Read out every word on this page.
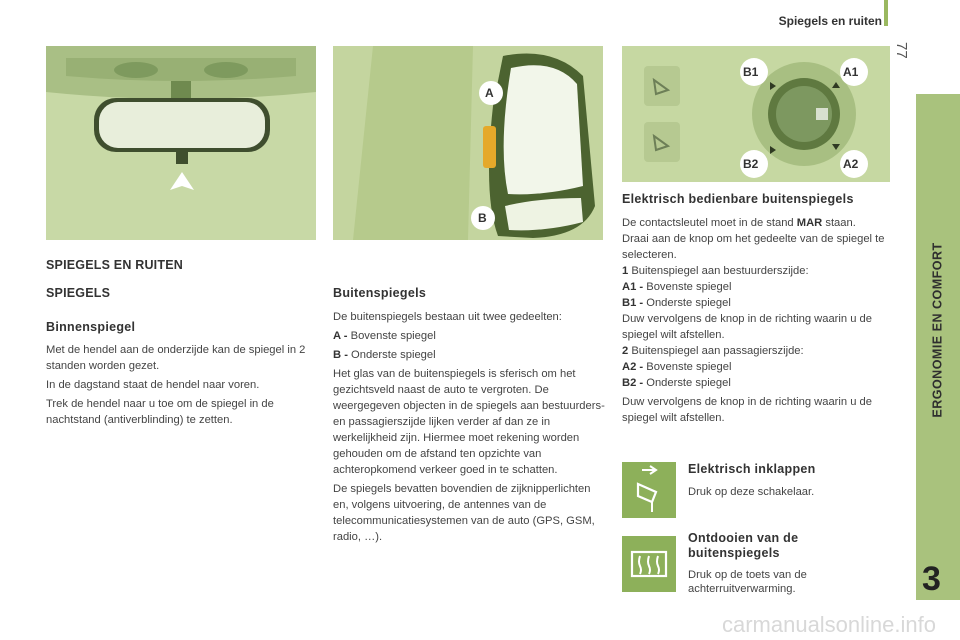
Spiegels en ruiten
77
ERGONOMIE EN COMFORT
3
A
B
B1	A1
B2	A2
SPIEGELS EN RUITEN
SPIEGELS
Binnenspiegel

Met de hendel aan de onderzijde kan de spiegel in 2 standen worden gezet.

In de dagstand staat de hendel naar voren.

Trek de hendel naar u toe om de spiegel in de nachtstand (antiverblinding) te zetten.

Buitenspiegels

De buitenspiegels bestaan uit twee gedeelten:

A - Bovenste spiegel

B - Onderste spiegel

Het glas van de buitenspiegels is sferisch om het gezichtsveld naast de auto te vergroten. De weergegeven objecten in de spiegels aan bestuurders- en passagierszijde lijken verder af dan ze in werkelijkheid zijn. Hiermee moet rekening worden gehouden om de afstand ten opzichte van achteropkomend verkeer goed in te schatten.

De spiegels bevatten bovendien de zijknipperlichten en, volgens uitvoering, de antennes van de telecommunicatiesystemen van de auto (GPS, GSM, radio, …).

Elektrisch bedienbare buitenspiegels

De contactsleutel moet in de stand MAR staan.

Draai aan de knop om het gedeelte van de spiegel te selecteren.

1 Buitenspiegel aan bestuurderszijde:

A1 - Bovenste spiegel

B1 - Onderste spiegel

Duw vervolgens de knop in de richting waarin u de spiegel wilt afstellen.

2 Buitenspiegel aan passagierszijde:

A2 - Bovenste spiegel

B2 - Onderste spiegel

Duw vervolgens de knop in de richting waarin u de spiegel wilt afstellen.

Elektrisch inklappen

Druk op deze schakelaar.

Ontdooien van de buitenspiegels

Druk op de toets van de achterruitverwarming.

carmanualsonline.info
